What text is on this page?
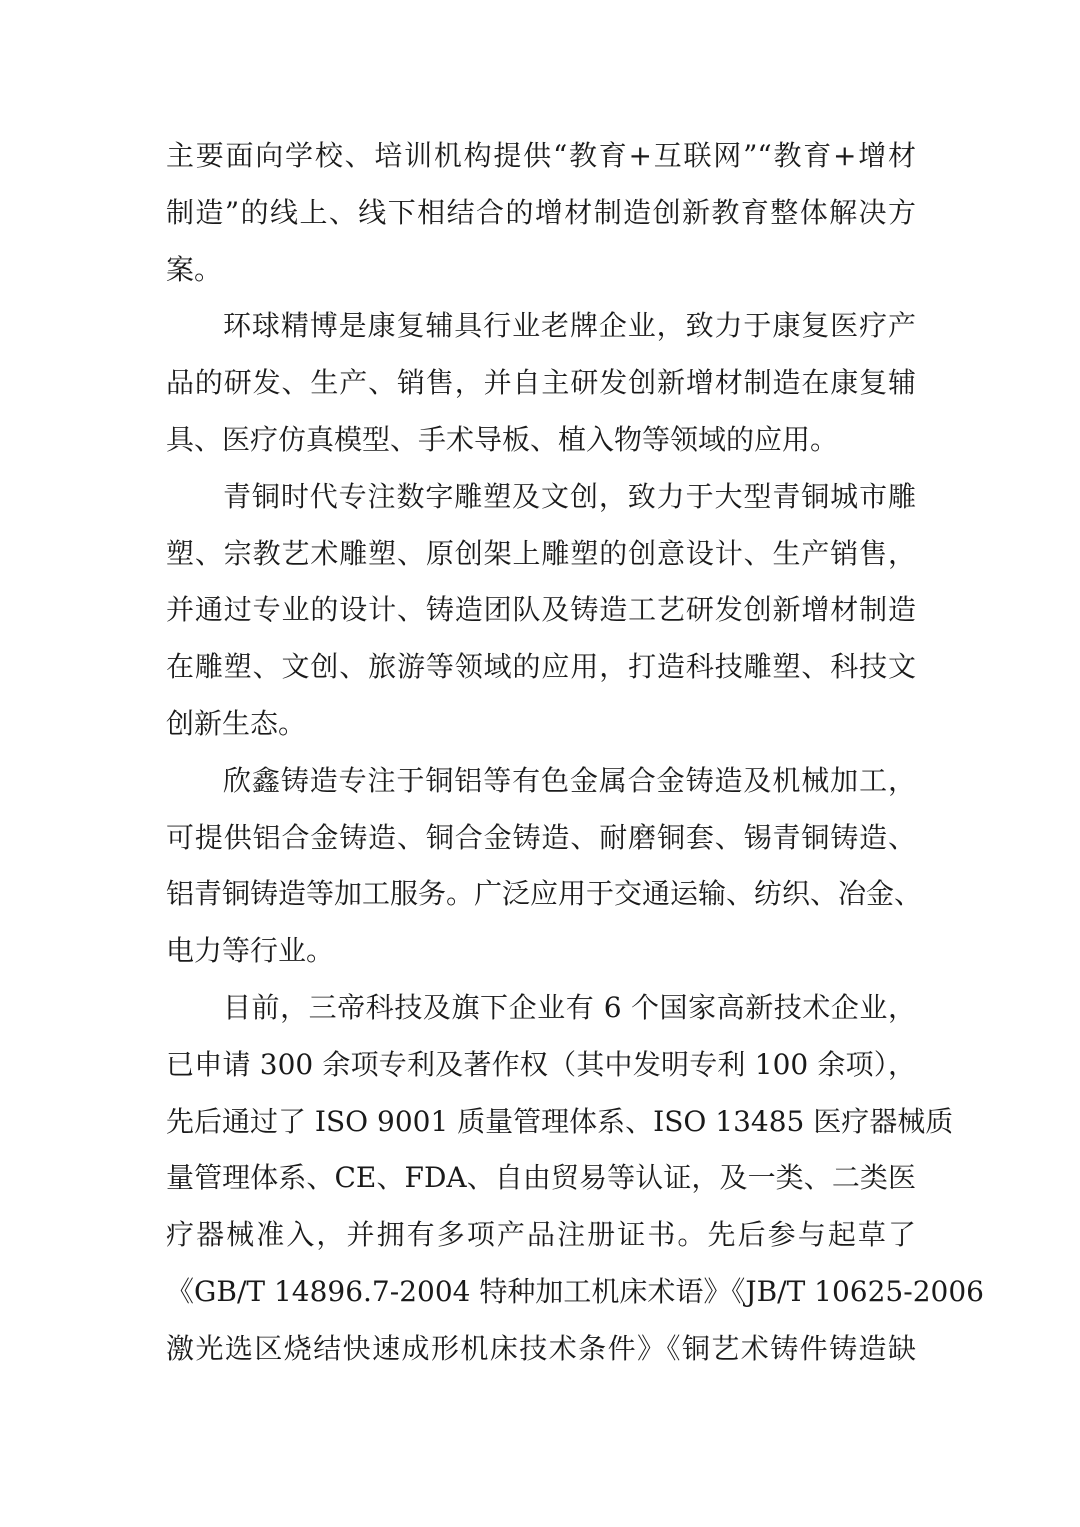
主要面向学校、培训机构提供“教育+互联网”“教育+增材
制造”的线上、线下相结合的增材制造创新教育整体解决方
案。
环球精博是康复辅具行业老牌企业，致力于康复医疗产
品的研发、生产、销售，并自主研发创新增材制造在康复辅
具、医疗仿真模型、手术导板、植入物等领域的应用。
青铜时代专注数字雕塑及文创，致力于大型青铜城市雕
塑、宗教艺术雕塑、原创架上雕塑的创意设计、生产销售，
并通过专业的设计、铸造团队及铸造工艺研发创新增材制造
在雕塑、文创、旅游等领域的应用，打造科技雕塑、科技文
创新生态。
欣鑫铸造专注于铜铝等有色金属合金铸造及机械加工，
可提供铝合金铸造、铜合金铸造、耐磨铜套、锡青铜铸造、
铝青铜铸造等加工服务。广泛应用于交通运输、纺织、冶金、
电力等行业。
目前，三帝科技及旗下企业有 6 个国家高新技术企业，
已申请 300 余项专利及著作权（其中发明专利 100 余项），
先后通过了 ISO 9001 质量管理体系、ISO 13485 医疗器械质
量管理体系、CE、FDA、自由贸易等认证，及一类、二类医
疗器械准入，并拥有多项产品注册证书。先后参与起草了
《GB/T 14896.7-2004 特种加工机床术语》《JB/T 10625-2006
激光选区烧结快速成形机床技术条件》《铜艺术铸件铸造缺
